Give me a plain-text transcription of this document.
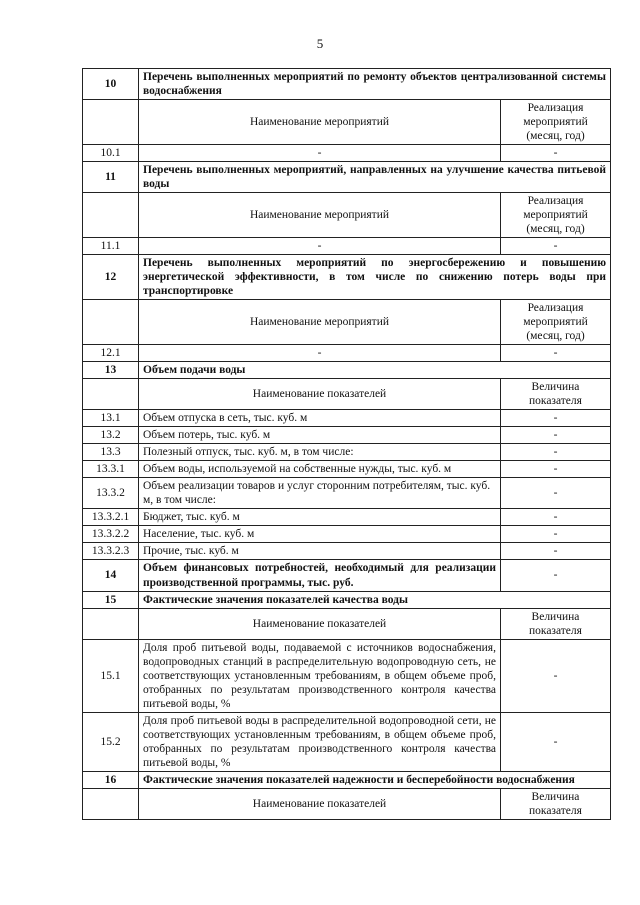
5
10	Перечень выполненных мероприятий по ремонту объектов централизованной системы водоснабжения	
	Наименование мероприятий	Реализация мероприятий (месяц, год)
10.1	-	-
11	Перечень выполненных мероприятий, направленных на улучшение качества питьевой воды	
	Наименование мероприятий	Реализация мероприятий (месяц, год)
11.1	-	-
12	Перечень выполненных мероприятий по энергосбережению и повышению энергетической эффективности, в том числе по снижению потерь воды при транспортировке	
	Наименование мероприятий	Реализация мероприятий (месяц, год)
12.1	-	-
13	Объем подачи воды	
	Наименование показателей	Величина показателя
13.1	Объем отпуска в сеть, тыс. куб. м	-
13.2	Объем потерь, тыс. куб. м	-
13.3	Полезный отпуск, тыс. куб. м, в том числе:	-
13.3.1	Объем воды, используемой на собственные нужды, тыс. куб. м	-
13.3.2	Объем реализации товаров и услуг сторонним потребителям, тыс. куб. м, в том числе:	-
13.3.2.1	Бюджет, тыс. куб. м	-
13.3.2.2	Население, тыс. куб. м	-
13.3.2.3	Прочие, тыс. куб. м	-
14	Объем финансовых потребностей, необходимый для реализации производственной программы, тыс. руб.	-
15	Фактические значения показателей качества воды	
	Наименование показателей	Величина показателя
15.1	Доля проб питьевой воды, подаваемой с источников водоснабжения, водопроводных станций в распределительную водопроводную сеть, не соответствующих установленным требованиям, в общем объеме проб, отобранных по результатам производственного контроля качества питьевой воды, %	-
15.2	Доля проб питьевой воды в распределительной водопроводной сети, не соответствующих установленным требованиям, в общем объеме проб, отобранных по результатам производственного контроля качества питьевой воды, %	-
16	Фактические значения показателей надежности и бесперебойности водоснабжения	
	Наименование показателей	Величина показателя
